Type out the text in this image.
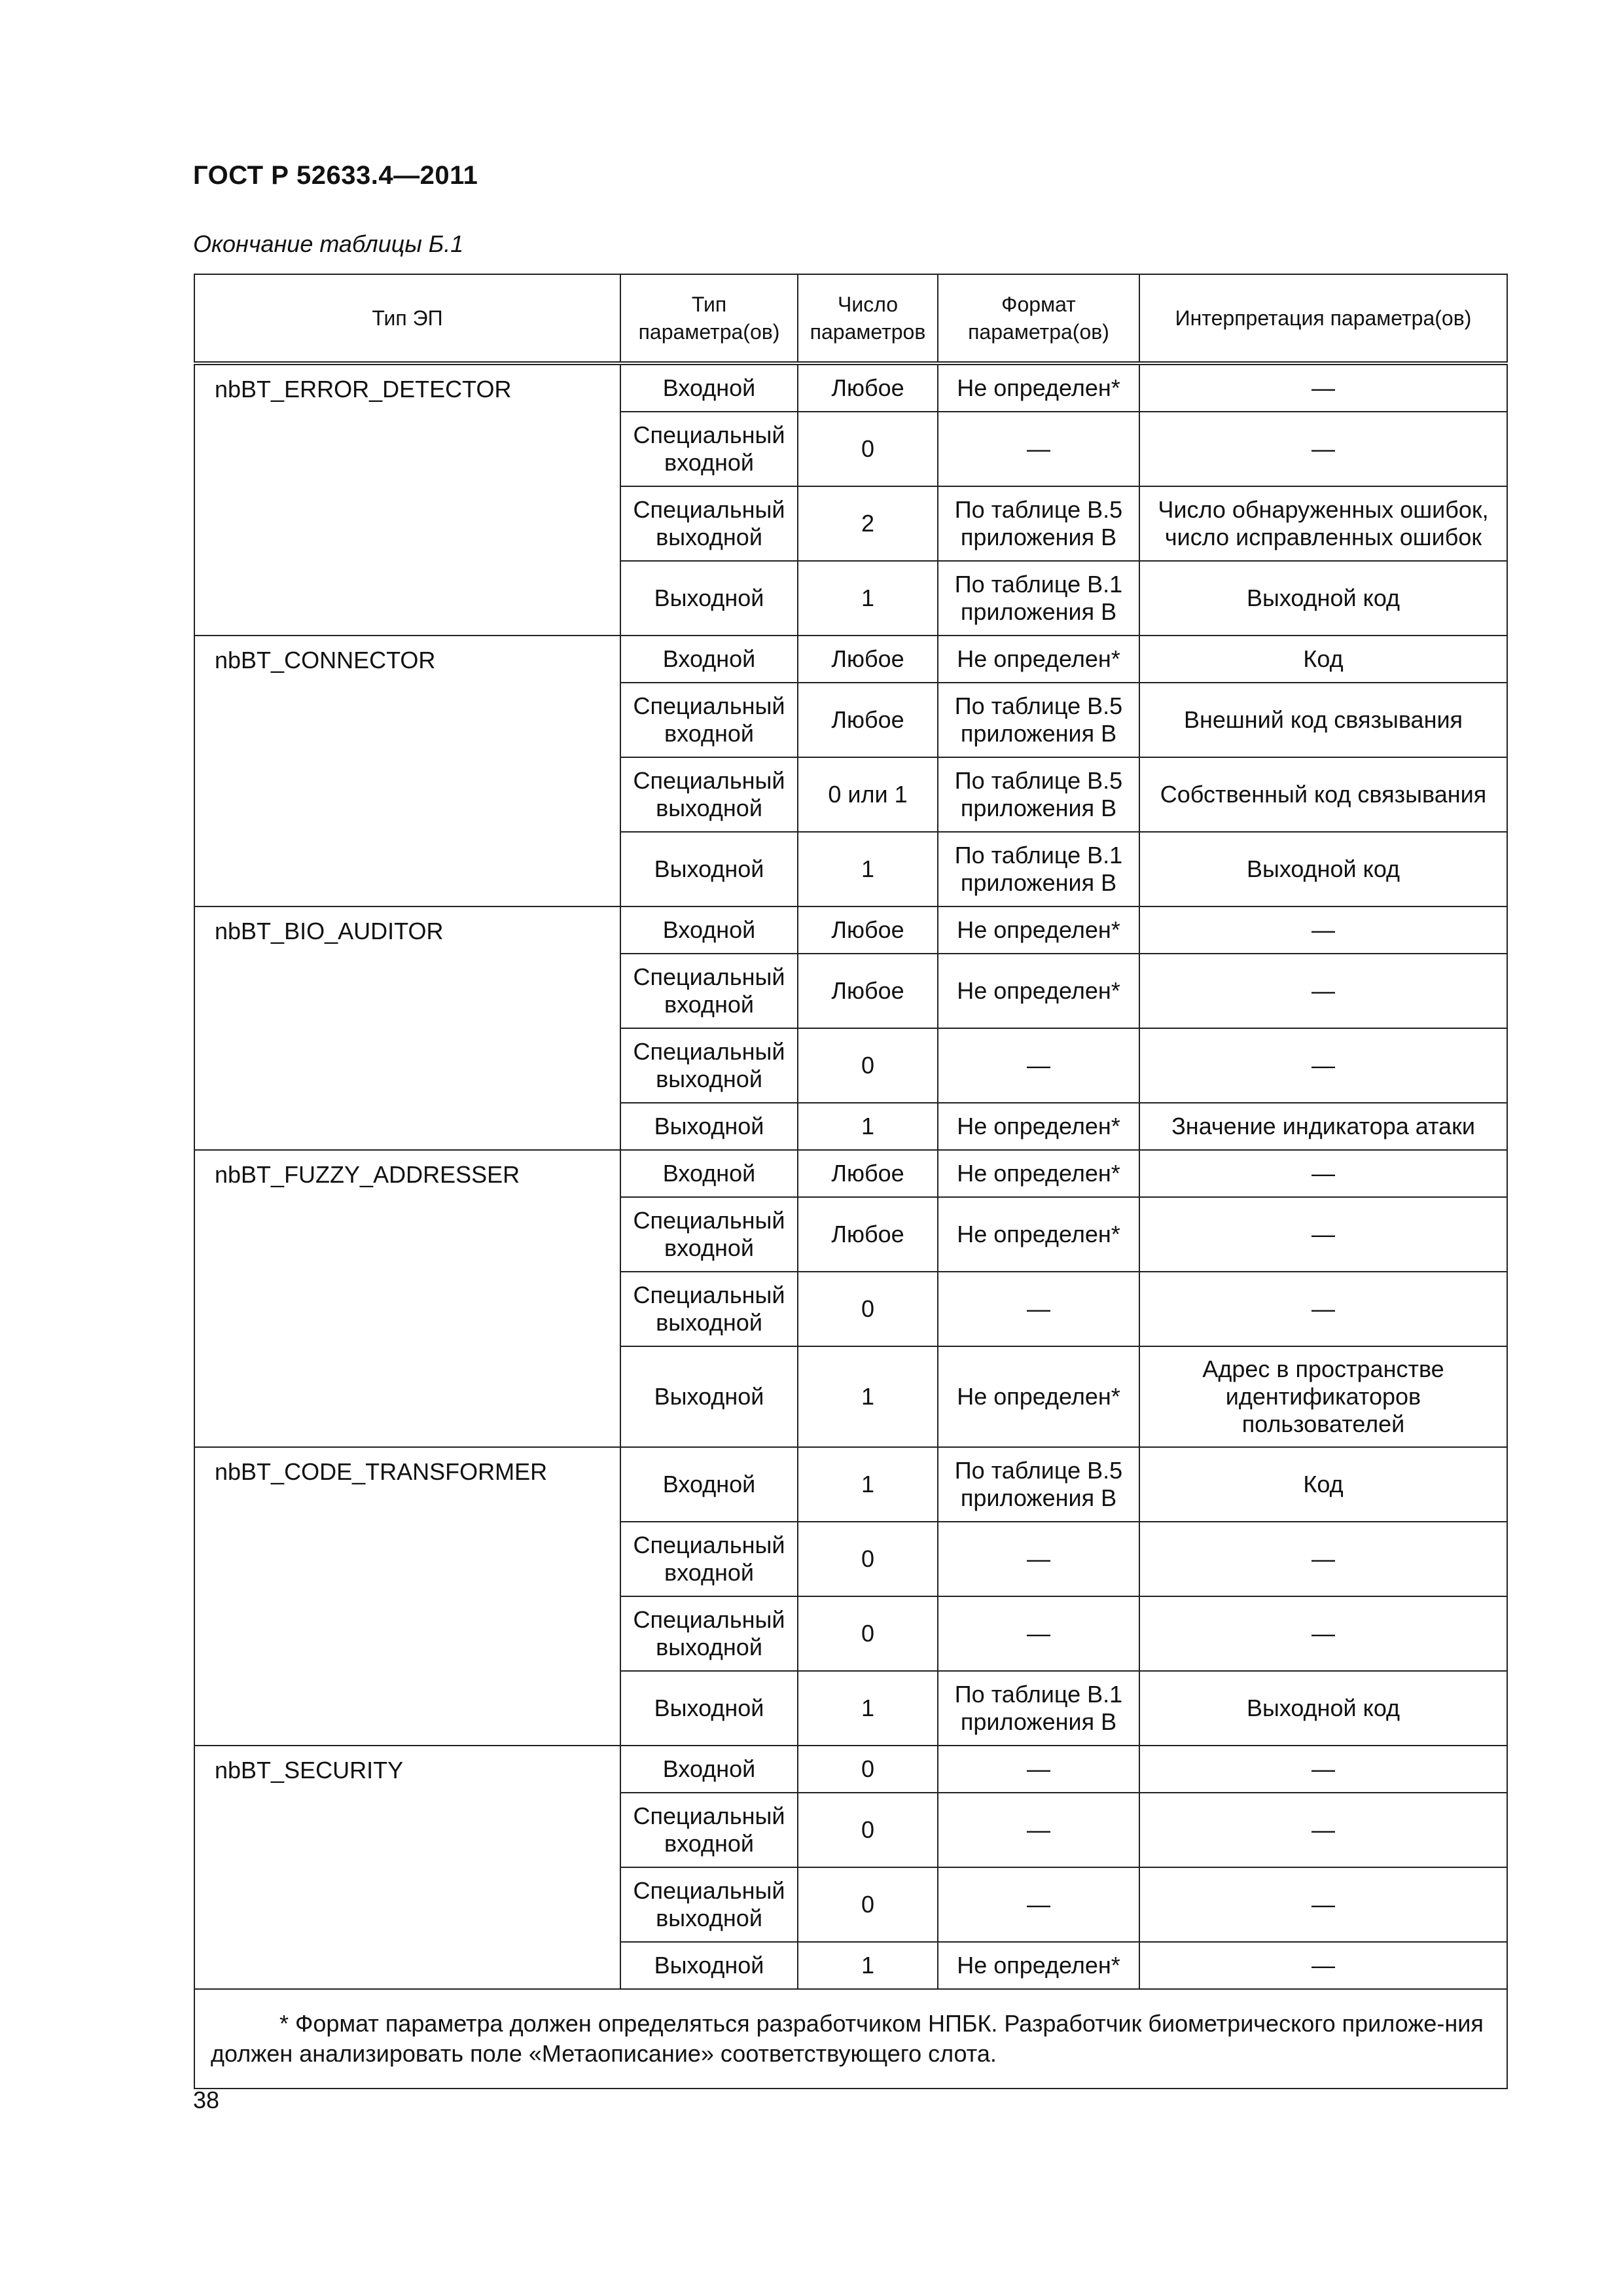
ГОСТ Р 52633.4—2011
Окончание таблицы Б.1
Тип ЭП	Тип параметра(ов)	Число параметров	Формат параметра(ов)	Интерпретация параметра(ов)
nbBT_ERROR_DETECTOR	Входной	Любое	Не определен*	—
	Специальный входной	0	—	—
	Специальный выходной	2	По таблице В.5 приложения В	Число обнаруженных ошибок, число исправленных ошибок
	Выходной	1	По таблице В.1 приложения В	Выходной код
nbBT_CONNECTOR	Входной	Любое	Не определен*	Код
	Специальный входной	Любое	По таблице В.5 приложения В	Внешний код связывания
	Специальный выходной	0 или 1	По таблице В.5 приложения В	Собственный код связывания
	Выходной	1	По таблице В.1 приложения В	Выходной код
nbBT_BIO_AUDITOR	Входной	Любое	Не определен*	—
	Специальный входной	Любое	Не определен*	—
	Специальный выходной	0	—	—
	Выходной	1	Не определен*	Значение индикатора атаки
nbBT_FUZZY_ADDRESSER	Входной	Любое	Не определен*	—
	Специальный входной	Любое	Не определен*	—
	Специальный выходной	0	—	—
	Выходной	1	Не определен*	Адрес в пространстве идентификаторов пользователей
nbBT_CODE_TRANSFORMER	Входной	1	По таблице В.5 приложения В	Код
	Специальный входной	0	—	—
	Специальный выходной	0	—	—
	Выходной	1	По таблице В.1 приложения В	Выходной код
nbBT_SECURITY	Входной	0	—	—
	Специальный входной	0	—	—
	Специальный выходной	0	—	—
	Выходной	1	Не определен*	—
* Формат параметра должен определяться разработчиком НПБК. Разработчик биометрического приложе-ния должен анализировать поле «Метаописание» соответствующего слота.				
38
